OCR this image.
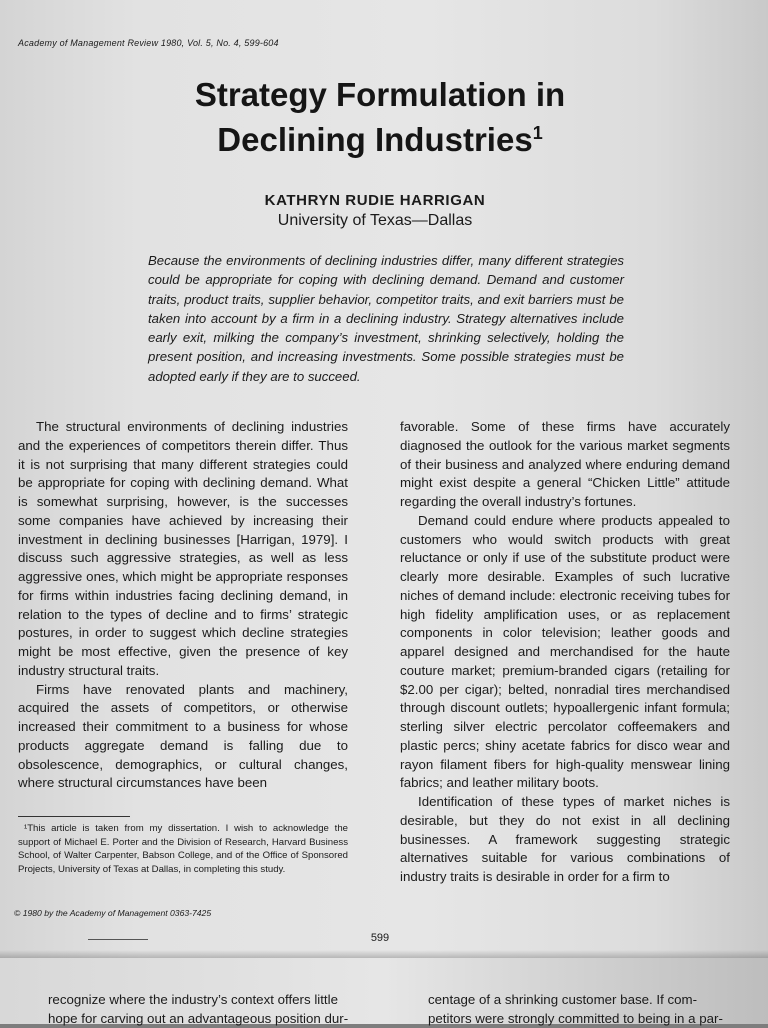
Academy of Management Review 1980, Vol. 5, No. 4, 599-604
Strategy Formulation in
Declining Industries$^1$
KATHRYN RUDIE HARRIGAN
University of Texas—Dallas

Because the environments of declining industries differ, many different strategies could be appropriate for coping with declining demand. Demand and customer traits, product traits, supplier behavior, competitor traits, and exit barriers must be taken into account by a firm in a declining industry. Strategy alternatives include early exit, milking the company’s investment, shrinking selectively, holding the present position, and increasing investments. Some possible strategies must be adopted early if they are to succeed.

The structural environments of declining industries and the experiences of competitors therein differ. Thus it is not surprising that many different strategies could be appropriate for coping with declining demand. What is somewhat surprising, however, is the successes some companies have achieved by increasing their investment in declining businesses [Harrigan, 1979]. I discuss such aggressive strategies, as well as less aggressive ones, which might be appropriate responses for firms within industries facing declining demand, in relation to the types of decline and to firms’ strategic postures, in order to suggest which decline strategies might be most effective, given the presence of key industry structural traits.

Firms have renovated plants and machinery, acquired the assets of competitors, or otherwise increased their commitment to a business for whose products aggregate demand is falling due to obsolescence, demographics, or cultural changes, where structural circumstances have been

favorable. Some of these firms have accurately diagnosed the outlook for the various market segments of their business and analyzed where enduring demand might exist despite a general “Chicken Little” attitude regarding the overall industry’s fortunes.

Demand could endure where products appealed to customers who would switch products with great reluctance or only if use of the substitute product were clearly more desirable. Examples of such lucrative niches of demand include: electronic receiving tubes for high fidelity amplification uses, or as replacement components in color television; leather goods and apparel designed and merchandised for the haute couture market; premium-branded cigars (retailing for $2.00 per cigar); belted, nonradial tires merchandised through discount outlets; hypoallergenic infant formula; sterling silver electric percolator coffeemakers and plastic percs; shiny acetate fabrics for disco wear and rayon filament fibers for high-quality menswear lining fabrics; and leather military boots.

Identification of these types of market niches is desirable, but they do not exist in all declining businesses. A framework suggesting strategic alternatives suitable for various combinations of industry traits is desirable in order for a firm to

¹This article is taken from my dissertation. I wish to acknowledge the support of Michael E. Porter and the Division of Research, Harvard Business School, of Walter Carpenter, Babson College, and of the Office of Sponsored Projects, University of Texas at Dallas, in completing this study.

© 1980 by the Academy of Management 0363-7425
599
recognize where the industry’s context offers little
hope for carving out an advantageous position dur-
centage of a shrinking customer base. If com-
petitors were strongly committed to being in a par-
